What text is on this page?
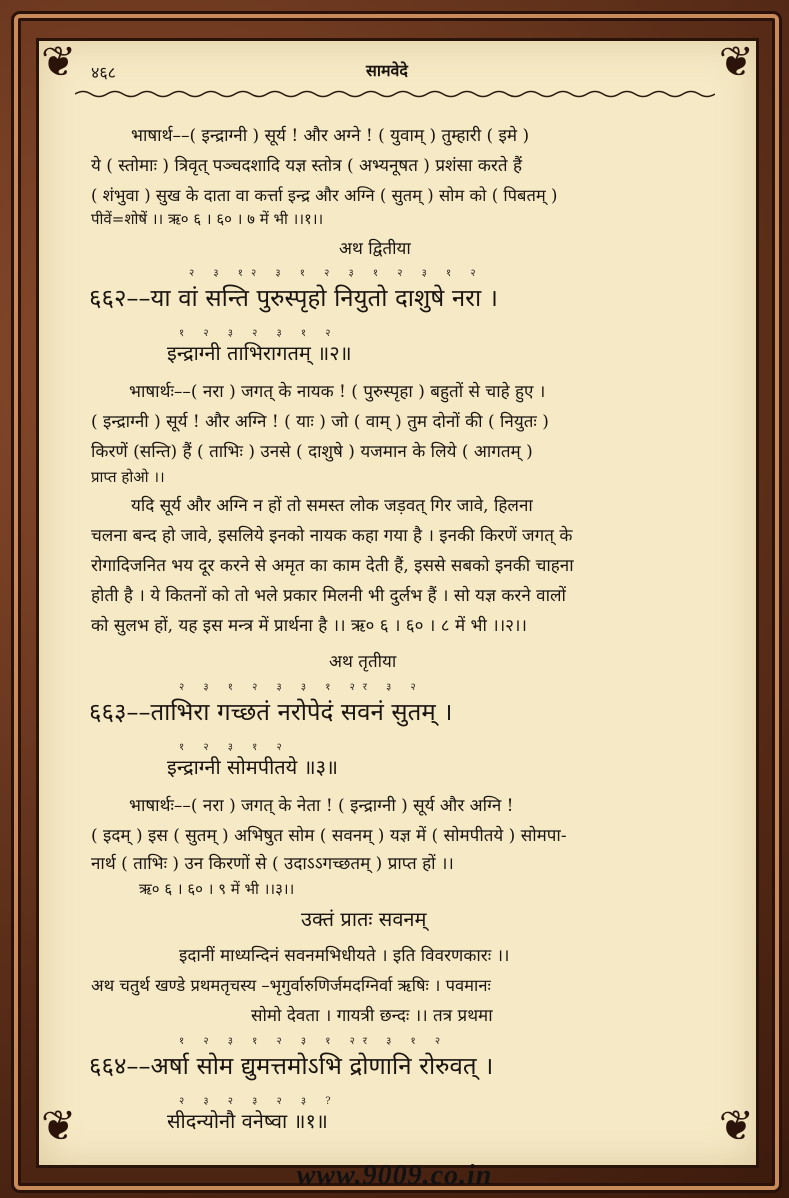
❦	❦
❦	❦
४६८	सामवेदे
भाषार्थ––( इन्द्राग्नी ) सूर्य ! और अग्ने ! ( युवाम् ) तुम्हारी ( इमे )
ये ( स्तोमाः ) त्रिवृत् पञ्चदशादि यज्ञ स्तोत्र ( अभ्यनूषत ) प्रशंसा करते हैं
( शंभुवा ) सुख के दाता वा कर्त्ता इन्द्र और अग्नि ( सुतम् ) सोम को ( पिबतम् )
पीवें=शोषें ।। ऋ० ६ । ६० । ७ में भी ।।१।।
अथ द्वितीया
२ ३ १२ ३ १ २ ३ १ २ ३ १ २
६६२––या वां सन्ति पुरुस्पृहो नियुतो दाशुषे नरा ।
१ २ ३ २ ३ १ २
इन्द्राग्नी ताभिरागतम् ॥२॥
भाषार्थः––( नरा ) जगत् के नायक ! ( पुरुस्पृहा ) बहुतों से चाहे हुए ।
( इन्द्राग्नी ) सूर्य ! और अग्नि ! ( याः ) जो ( वाम् ) तुम दोनों की ( नियुतः )
किरणें (सन्ति) हैं ( ताभिः ) उनसे ( दाशुषे ) यजमान के लिये ( आगतम् )
प्राप्त होओ ।।
यदि सूर्य और अग्नि न हों तो समस्त लोक जड़वत् गिर जावे, हिलना
चलना बन्द हो जावे, इसलिये इनको नायक कहा गया है । इनकी किरणें जगत् के
रोगादिजनित भय दूर करने से अमृत का काम देती हैं, इससे सबको इनकी चाहना
होती है । ये कितनों को तो भले प्रकार मिलनी भी दुर्लभ हैं । सो यज्ञ करने वालों
को सुलभ हों, यह इस मन्त्र में प्रार्थना है ।। ऋ० ६ । ६० । ८ में भी ।।२।।
अथ तृतीया
२ ३ १ २ ३ ३ १ २र ३ २
६६३––ताभिरा गच्छतं नरोपेदं सवनं सुतम् ।
१ २ ३ १ २
इन्द्राग्नी सोमपीतये ॥३॥
भाषार्थः––( नरा ) जगत् के नेता ! ( इन्द्राग्नी ) सूर्य और अग्नि !
( इदम् ) इस ( सुतम् ) अभिषुत सोम ( सवनम् ) यज्ञ में ( सोमपीतये ) सोमपा-
नार्थ ( ताभिः ) उन किरणों से ( उदाऽऽगच्छतम् ) प्राप्त हों ।।
ऋ० ६ । ६० । ९ में भी ।।३।।
उक्तं प्रातः सवनम्
इदानीं माध्यन्दिनं सवनमभिधीयते । इति विवरणकारः ।।
अथ चतुर्थ खण्डे प्रथमतृचस्य –भृगुर्वारुणिर्जमदग्निर्वा ऋषिः । पवमानः
सोमो देवता । गायत्री छन्दः ।। तत्र प्रथमा
१ २ ३ १ २ ३ १ २र ३ १ २
६६४––अर्षा सोम द्युमत्तमोऽभि द्रोणानि रोरुवत् ।
२ ३ २ ३ २ ३ ?
सीदन्योनौ वनेष्वा ॥१॥
www.9009.co.in
